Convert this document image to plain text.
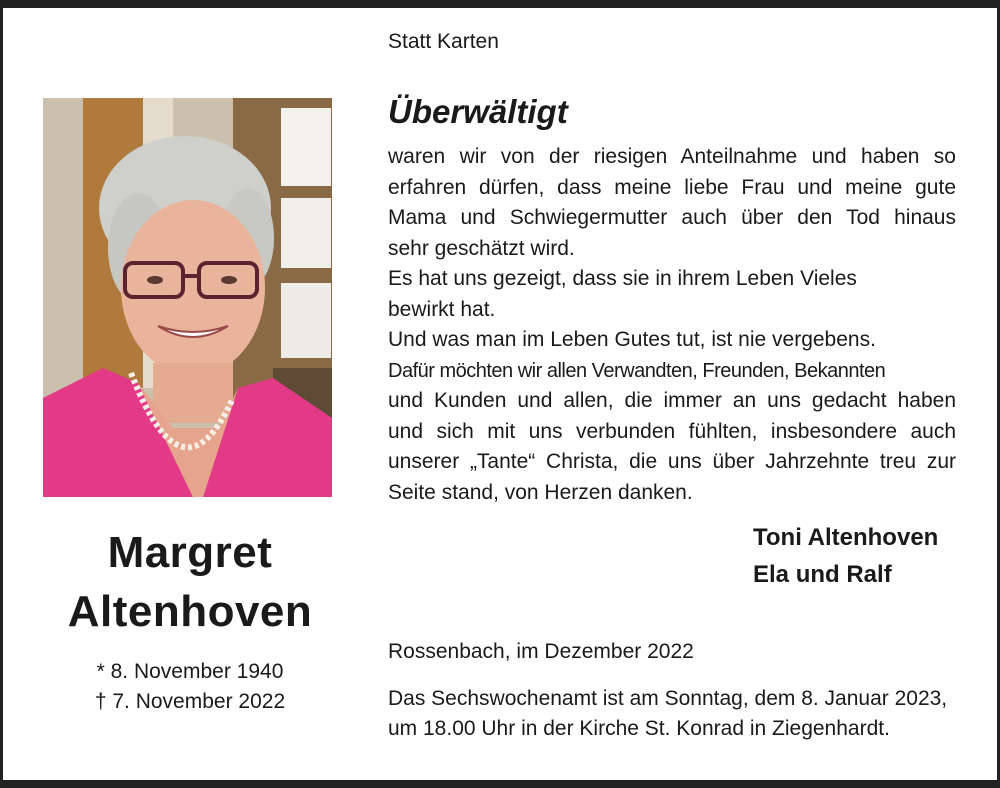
Margret
Altenhoven
* 8. November 1940
† 7. November 2022
Statt Karten
Überwältigt
waren wir von der riesigen Anteilnahme und haben so
erfahren dürfen, dass meine liebe Frau und meine gute
Mama und Schwiegermutter auch über den Tod hinaus
sehr geschätzt wird.
Es hat uns gezeigt, dass sie in ihrem Leben Vieles
bewirkt hat.
Und was man im Leben Gutes tut, ist nie vergebens.
Dafür möchten wir allen Verwandten, Freunden, Bekannten
und Kunden und allen, die immer an uns gedacht haben
und sich mit uns verbunden fühlten, insbesondere auch
unserer „Tante“ Christa, die uns über Jahrzehnte treu zur
Seite stand, von Herzen danken.
Toni Altenhoven
Ela und Ralf
Rossenbach, im Dezember 2022
Das Sechswochenamt ist am Sonntag, dem 8. Januar 2023,
um 18.00 Uhr in der Kirche St. Konrad in Ziegenhardt.
